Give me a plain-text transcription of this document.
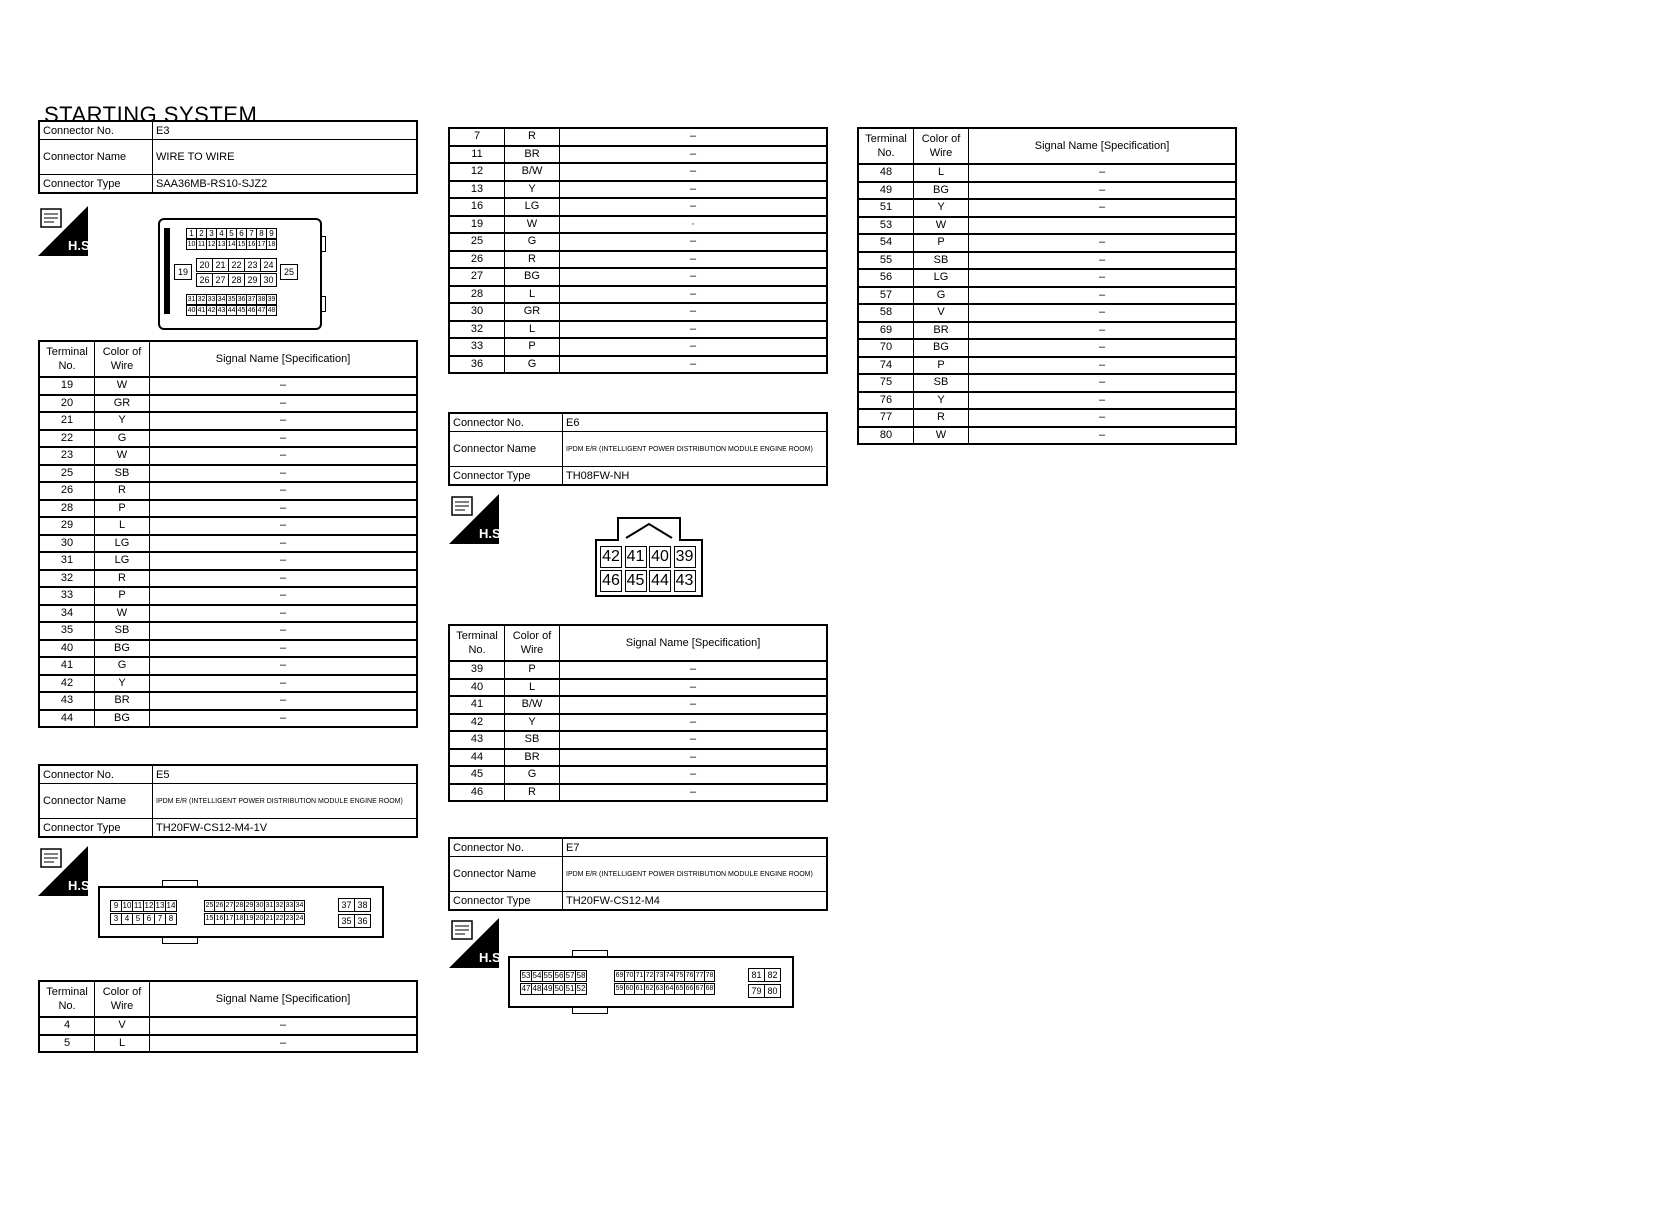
STARTING SYSTEM
Connector No.	E3
Connector Name	WIRE TO WIRE
Connector Type	SAA36MB-RS10-SJZ2
H.S.
1 2 3 4 5 6 7 8 9
10 11 12 13 14 15 16 17 18
20 21 22 23 24
26 27 28 29 30
19	25
31 32 33 34 35 36 37 38 39
40 41 42 43 44 45 46 47 48
Terminal No.	Color of Wire	Signal Name [Specification]
19	W	–
20	GR	–
21	Y	–
22	G	–
23	W	–
25	SB	–
26	R	–
28	P	–
29	L	–
30	LG	–
31	LG	–
32	R	–
33	P	–
34	W	–
35	SB	–
40	BG	–
41	G	–
42	Y	–
43	BR	–
44	BG	–
Connector No.	E5
Connector Name	IPDM E/R (INTELLIGENT POWER DISTRIBUTION MODULE ENGINE ROOM)
Connector Type	TH20FW-CS12-M4-1V
H.S.
9 10 11 12 13 14
3 4 5 6 7 8
25 26 27 28 29 30 31 32 33 34
15 16 17 18 19 20 21 22 23 24
37 38
35 36
Terminal No.	Color of Wire	Signal Name [Specification]
4	V	–
5	L	–
7	R	–
11	BR	–
12	B/W	–
13	Y	–
16	LG	–
19	W	·
25	G	–
26	R	–
27	BG	–
28	L	–
30	GR	–
32	L	–
33	P	–
36	G	–
Connector No.	E6
Connector Name	IPDM E/R (INTELLIGENT POWER DISTRIBUTION MODULE ENGINE ROOM)
Connector Type	TH08FW-NH
H.S.
42 41 40 39
46 45 44 43
Terminal No.	Color of Wire	Signal Name [Specification]
39	P	–
40	L	–
41	B/W	–
42	Y	–
43	SB	–
44	BR	–
45	G	–
46	R	–
Connector No.	E7
Connector Name	IPDM E/R (INTELLIGENT POWER DISTRIBUTION MODULE ENGINE ROOM)
Connector Type	TH20FW-CS12-M4
H.S.
53 54 55 56 57 58
47 48 49 50 51 52
69 70 71 72 73 74 75 76 77 78
59 60 61 62 63 64 65 66 67 68
81 82
79 80
Terminal No.	Color of Wire	Signal Name [Specification]
48	L	–
49	BG	–
51	Y	–
53	W	
54	P	–
55	SB	–
56	LG	–
57	G	–
58	V	–
69	BR	–
70	BG	–
74	P	–
75	SB	–
76	Y	–
77	R	–
80	W	–
